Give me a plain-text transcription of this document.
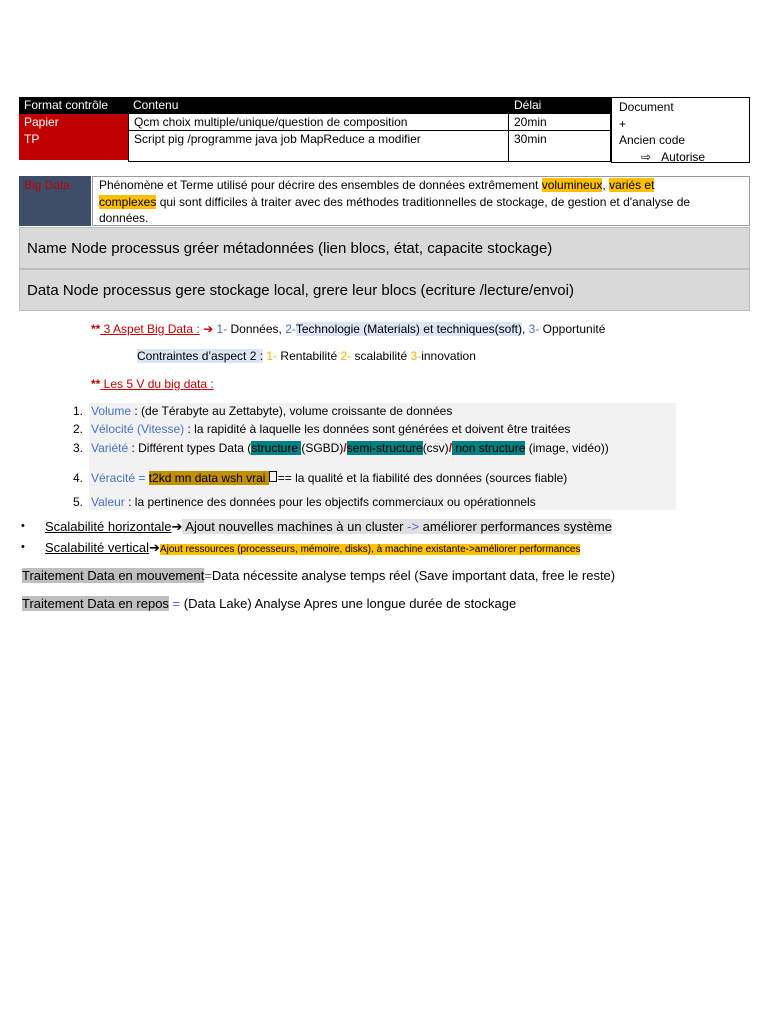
Format contrôle	Contenu	Délai
Papier	Qcm choix multiple/unique/question de composition	20min
TP	Script pig /programme java job MapReduce a modifier	30min
Document
+
Ancien code
⇨ Autorise
Big Data	Phénomène et Terme utilisé pour décrire des ensembles de données extrêmement volumineux, variés et
complexes qui sont difficiles à traiter avec des méthodes traditionnelles de stockage, de gestion et d'analyse de
données.
Name Node processus gréer métadonnées (lien blocs, état, capacite stockage)
Data Node processus gere stockage local, grere leur blocs (ecriture /lecture/envoi)
** 3 Aspet Big Data : ➔ 1- Données, 2-Technologie (Materials) et techniques(soft), 3- Opportunité
Contraintes d’aspect 2 : 1- Rentabilité 2- scalabilité 3-innovation
** Les 5 V du big data :
1. Volume : (de Térabyte au Zettabyte), volume croissante de données
2. Vélocité (Vitesse) : la rapidité à laquelle les données sont générées et doivent être traitées
3. Variété : Différent types Data (structure (SGBD)/semi-structure(csv)/ non structure (image, vidéo))
4. Véracité = t2kd mn data wsh vrai == la qualité et la fiabilité des données (sources fiable)
5. Valeur : la pertinence des données pour les objectifs commerciaux ou opérationnels
• Scalabilité horizontale➔ Ajout nouvelles machines à un cluster -> améliorer performances système
• Scalabilité vertical➔Ajout ressources (processeurs, mémoire, disks), à machine existante->améliorer performances
Traitement Data en mouvement=Data nécessite analyse temps réel (Save important data, free le reste)
Traitement Data en repos = (Data Lake) Analyse Apres une longue durée de stockage
